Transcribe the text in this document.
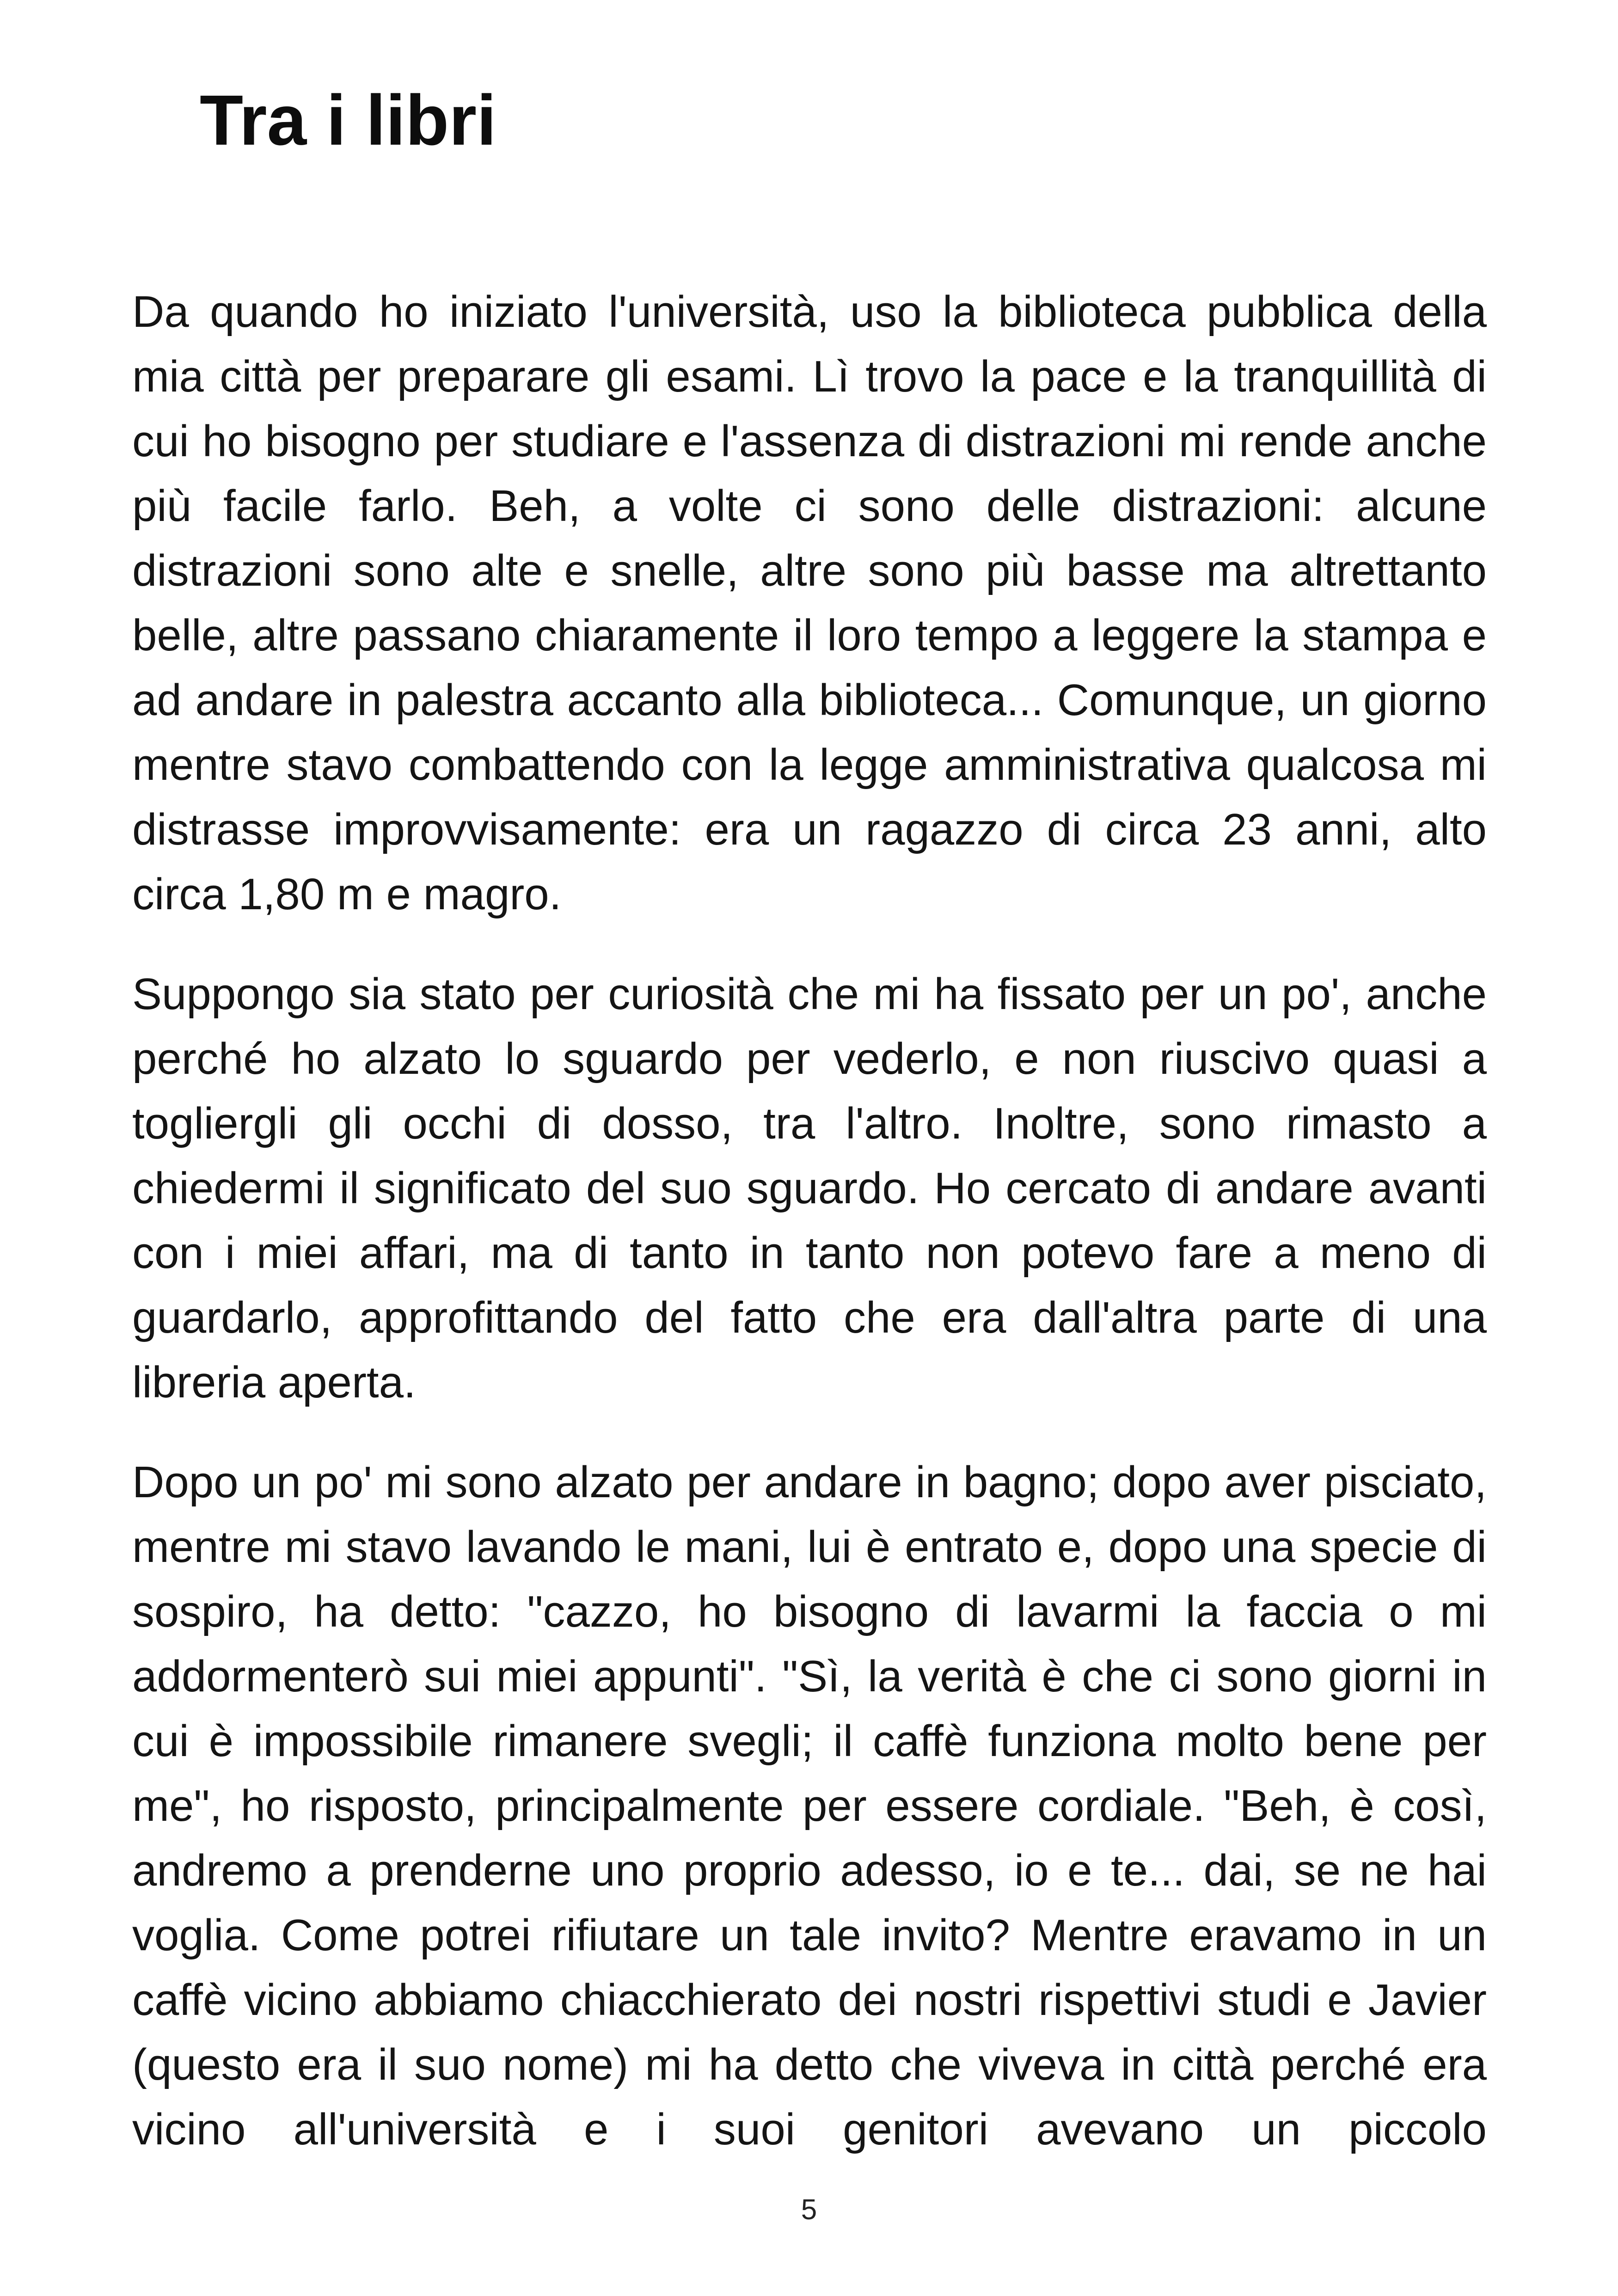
Tra i libri

Da quando ho iniziato l'università, uso la biblioteca pubblica della mia città per preparare gli esami. Lì trovo la pace e la tranquillità di cui ho bisogno per studiare e l'assenza di distrazioni mi rende anche più facile farlo. Beh, a volte ci sono delle distrazioni: alcune distrazioni sono alte e snelle, altre sono più basse ma altrettanto belle, altre passano chiaramente il loro tempo a leggere la stampa e ad andare in palestra accanto alla biblioteca... Comunque, un giorno mentre stavo combattendo con la legge amministrativa qualcosa mi distrasse improvvisamente: era un ragazzo di circa 23 anni, alto circa 1,80 m e magro.

Suppongo sia stato per curiosità che mi ha fissato per un po', anche perché ho alzato lo sguardo per vederlo, e non riuscivo quasi a togliergli gli occhi di dosso, tra l'altro. Inoltre, sono rimasto a chiedermi il significato del suo sguardo. Ho cercato di andare avanti con i miei affari, ma di tanto in tanto non potevo fare a meno di guardarlo, approfittando del fatto che era dall'altra parte di una libreria aperta.

Dopo un po' mi sono alzato per andare in bagno; dopo aver pisciato, mentre mi stavo lavando le mani, lui è entrato e, dopo una specie di sospiro, ha detto: "cazzo, ho bisogno di lavarmi la faccia o mi addormenterò sui miei appunti". "Sì, la verità è che ci sono giorni in cui è impossibile rimanere svegli; il caffè funziona molto bene per me", ho risposto, principalmente per essere cordiale. "Beh, è così, andremo a prenderne uno proprio adesso, io e te... dai, se ne hai voglia. Come potrei rifiutare un tale invito? Mentre eravamo in un caffè vicino abbiamo chiacchierato dei nostri rispettivi studi e Javier (questo era il suo nome) mi ha detto che viveva in città perché era vicino all'università e i suoi genitori avevano un piccolo

5
